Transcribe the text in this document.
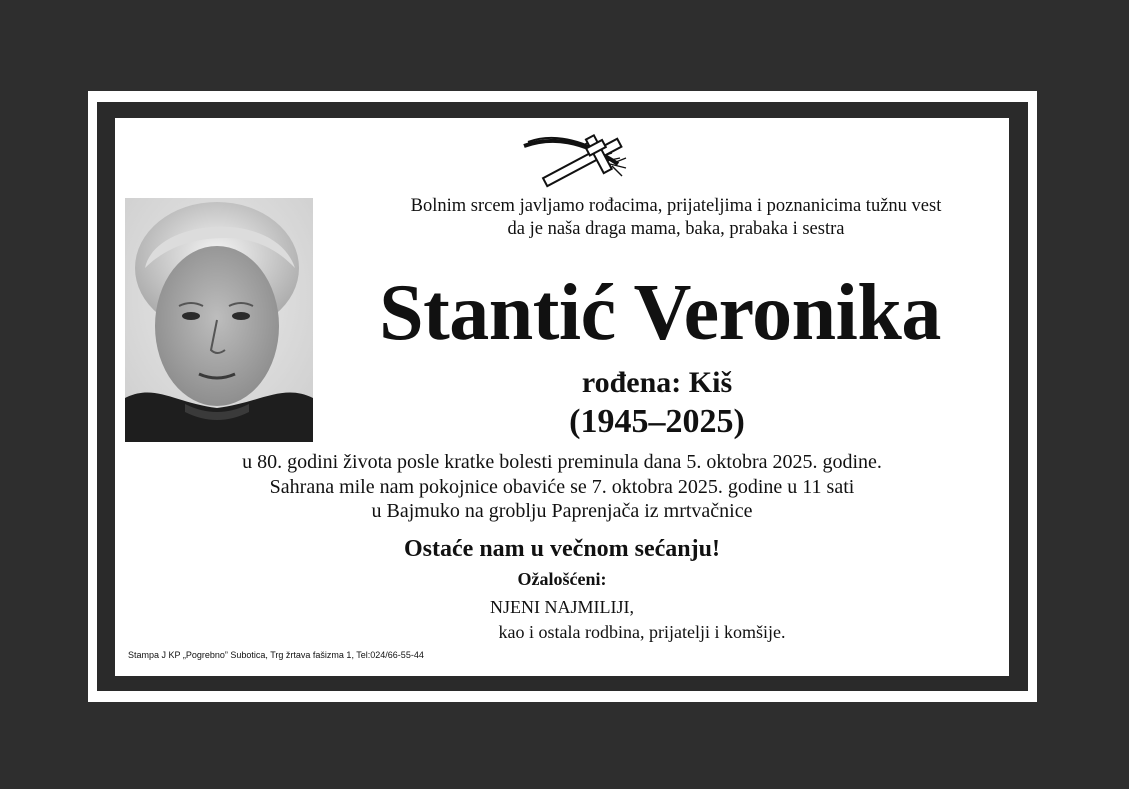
Bolnim srcem javljamo rođacima, prijateljima i poznanicima tužnu vest

da je naša draga mama, baka, prabaka i sestra

Stantić Veronika

rođena: Kiš

(1945–2025)

u 80. godini života posle kratke bolesti preminula dana 5. oktobra 2025. godine.

Sahrana mile nam pokojnice obaviće se 7. oktobra 2025. godine u 11 sati

u Bajmuko na groblju Paprenjača iz mrtvačnice

Ostaće nam u večnom sećanju!

Ožalošćeni:

NJENI NAJMILIJI,

kao i ostala rodbina, prijatelji i komšije.

Stampa J KP „Pogrebno” Subotica, Trg žrtava fašizma 1, Tel:024/66-55-44
